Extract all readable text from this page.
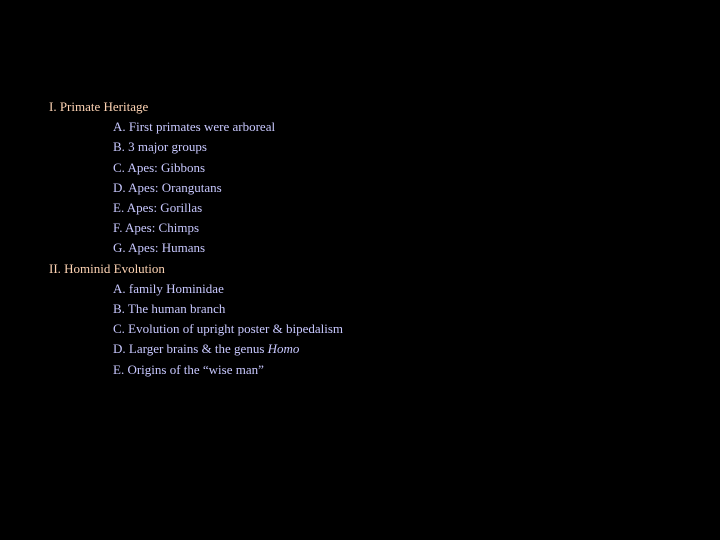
I. Primate Heritage
A. First primates were arboreal
B. 3 major groups
C. Apes: Gibbons
D. Apes: Orangutans
E. Apes: Gorillas
F. Apes: Chimps
G. Apes: Humans
II. Hominid Evolution
A. family Hominidae
B. The human branch
C. Evolution of upright poster & bipedalism
D. Larger brains & the genus Homo
E. Origins of the “wise man”
